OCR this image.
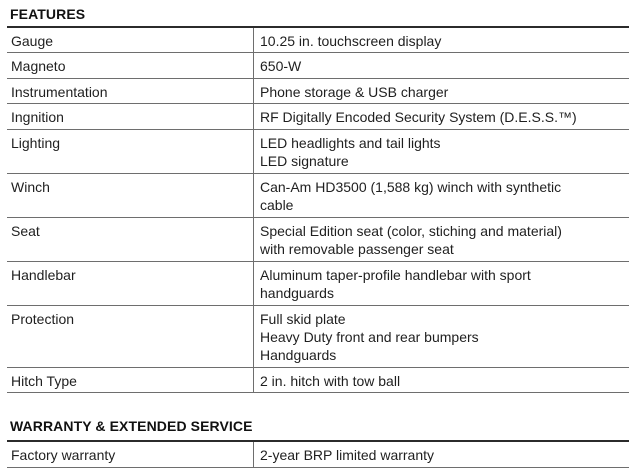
FEATURES
Gauge	10.25 in. touchscreen display
Magneto	650-W
Instrumentation	Phone storage & USB charger
Ingnition	RF Digitally Encoded Security System (D.E.S.S.™)
Lighting	LED headlights and tail lights
LED signature
Winch	Can-Am HD3500 (1,588 kg) winch with synthetic
cable
Seat	Special Edition seat (color, stiching and material)
with removable passenger seat
Handlebar	Aluminum taper-profile handlebar with sport
handguards
Protection	Full skid plate
Heavy Duty front and rear bumpers
Handguards
Hitch Type	2 in. hitch with tow ball
WARRANTY & EXTENDED SERVICE
Factory warranty	2-year BRP limited warranty
